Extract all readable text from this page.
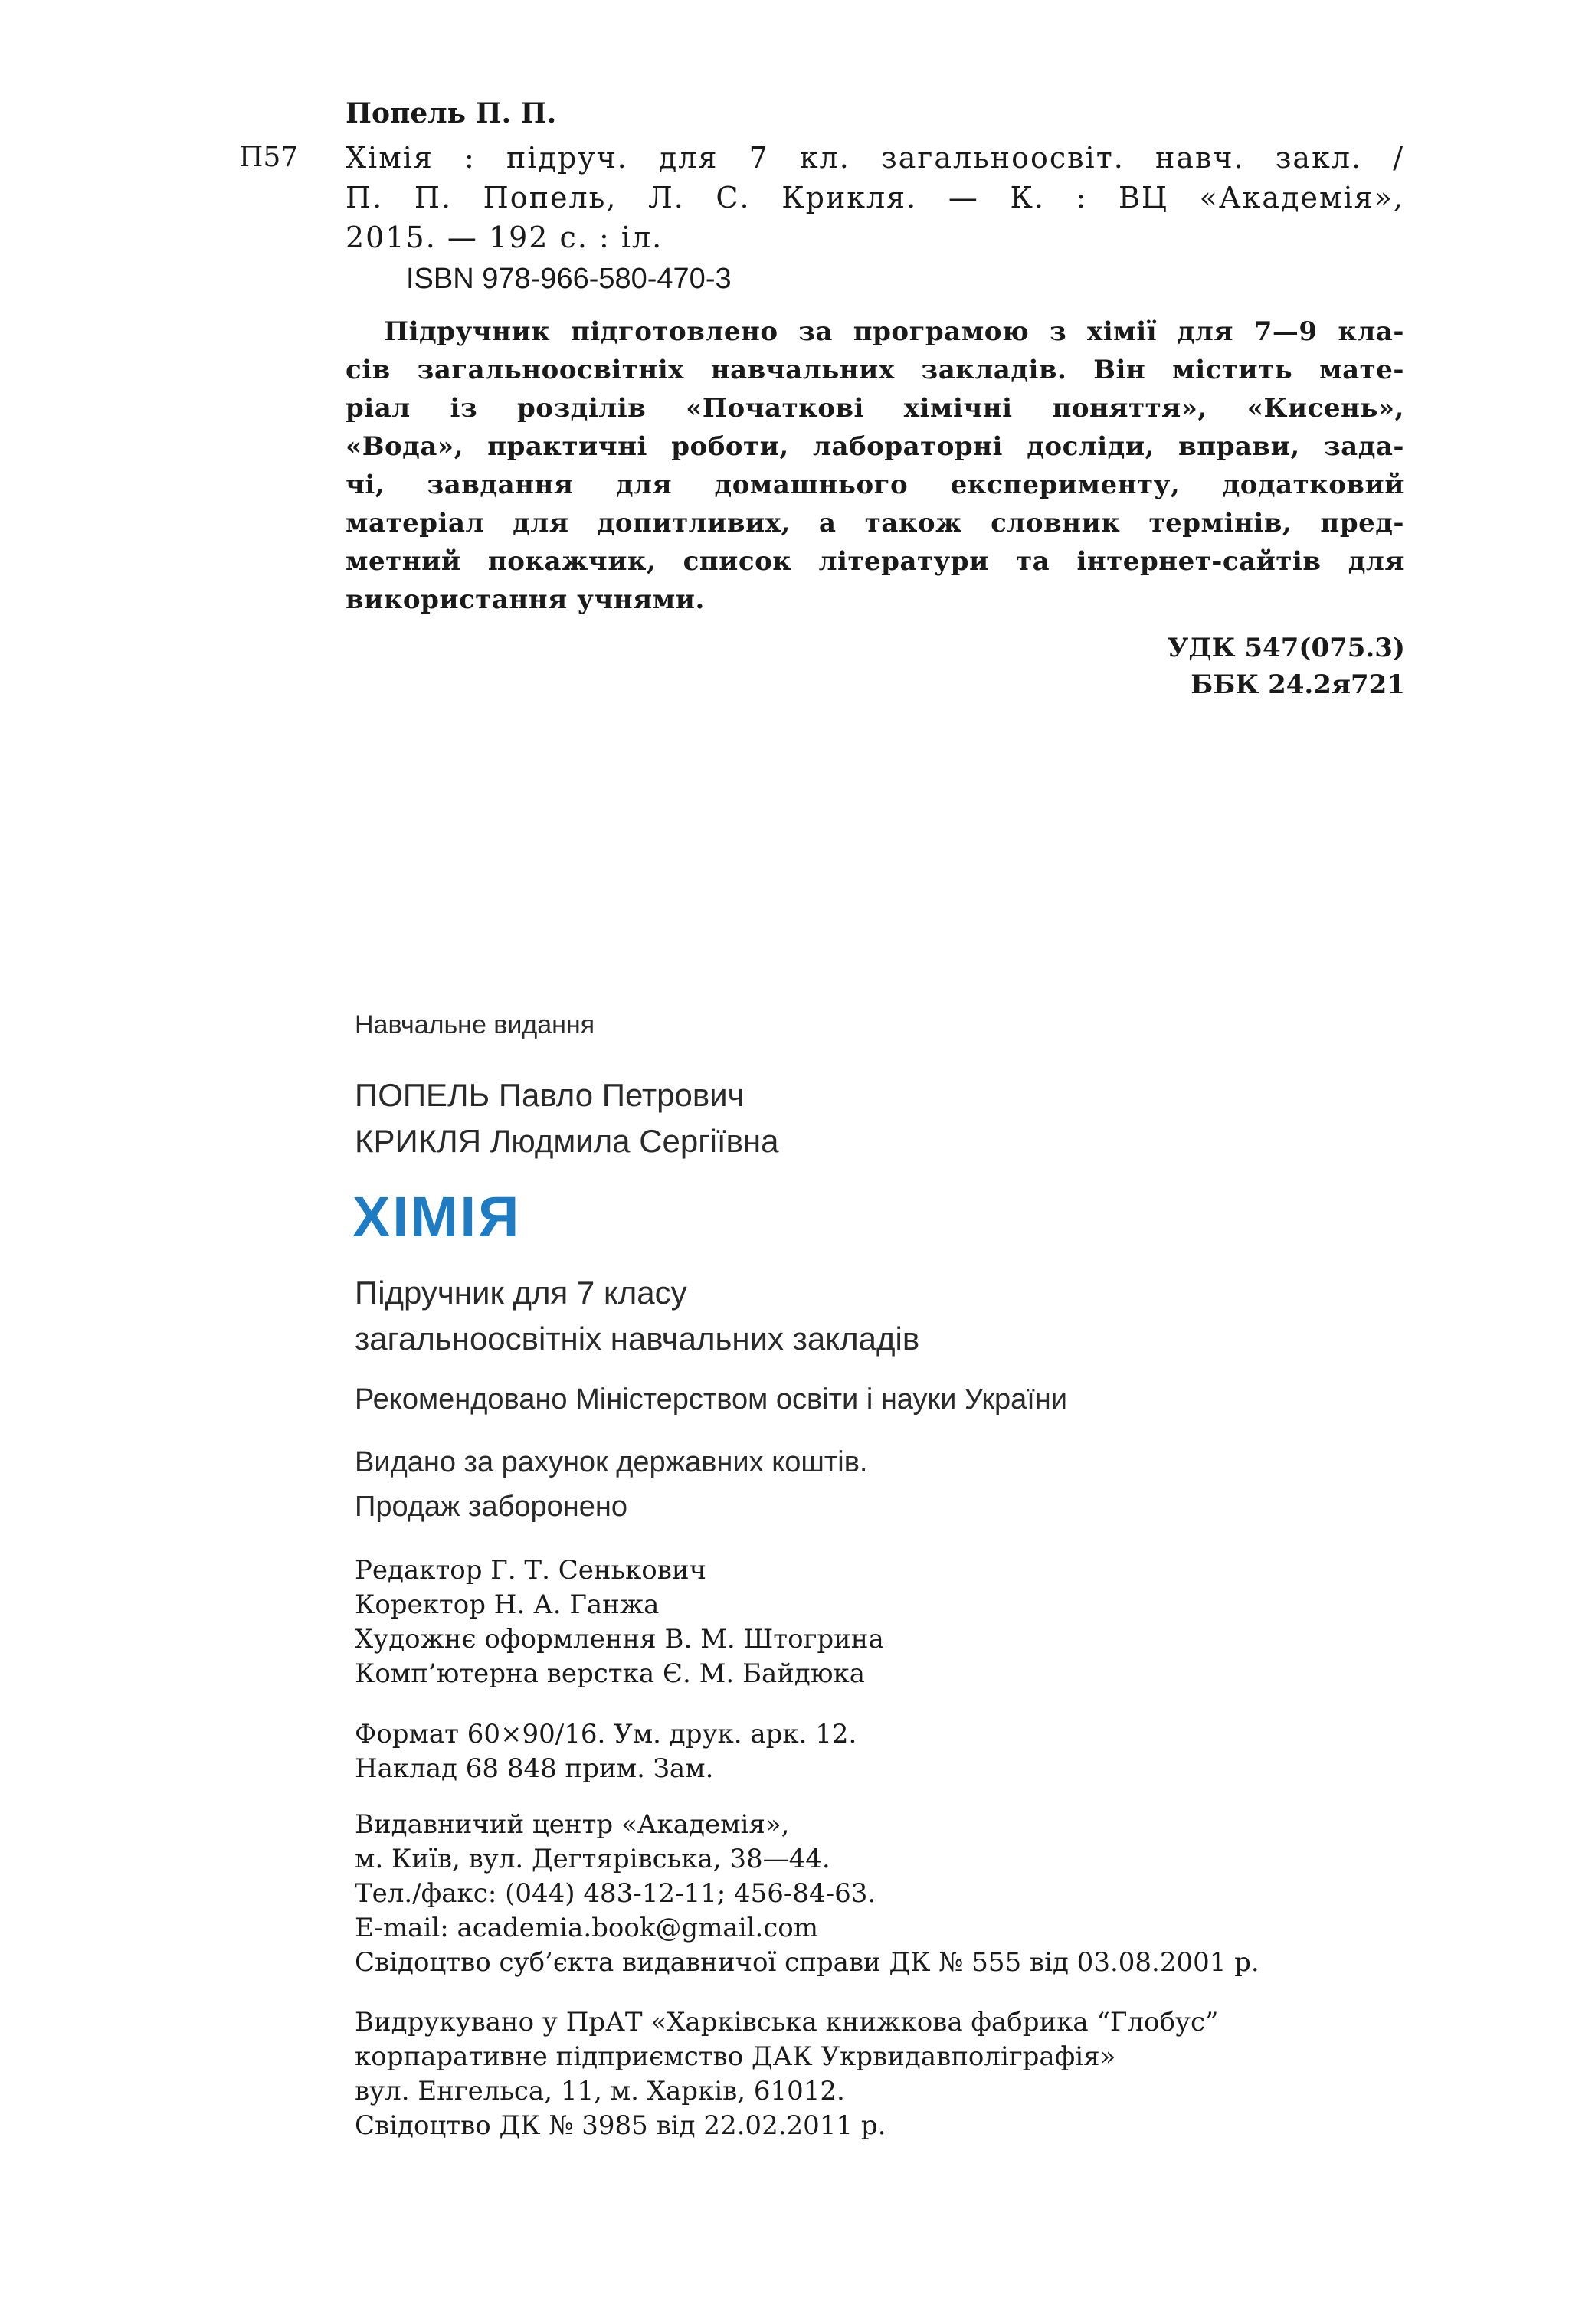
Попель П. П.
П57 Хімія : підруч. для 7 кл. загальноосвіт. навч. закл. /
П. П. Попель, Л. С. Крикля. — К. : ВЦ «Академія»,
2015. — 192 с. : іл.
ISBN 978-966-580-470-3
Підручник підготовлено за програмою з хімії для 7—9 кла-
сів загальноосвітніх навчальних закладів. Він містить мате-
ріал із розділів «Початкові хімічні поняття», «Кисень»,
«Вода», практичні роботи, лабораторні досліди, вправи, зада-
чі, завдання для домашнього експерименту, додатковий
матеріал для допитливих, а також словник термінів, пред-
метний покажчик, список літератури та інтернет-сайтів для
використання учнями.
УДК 547(075.3)
ББК 24.2я721
Навчальне видання
ПОПЕЛЬ Павло Петрович
КРИКЛЯ Людмила Сергіївна
ХІМІЯ
Підручник для 7 класу
загальноосвітніх навчальних закладів
Рекомендовано Міністерством освіти і науки України
Видано за рахунок державних коштів.
Продаж заборонено
Редактор Г. Т. Сенькович
Коректор Н. А. Ганжа
Художнє оформлення В. М. Штогрина
Комп’ютерна верстка Є. М. Байдюка
Формат 60×90/16. Ум. друк. арк. 12.
Наклад 68 848 прим. Зам.
Видавничий центр «Академія»,
м. Київ, вул. Дегтярівська, 38—44.
Тел./факс: (044) 483-12-11; 456-84-63.
E-mail: academia.book@gmail.com
Свідоцтво суб’єкта видавничої справи ДК № 555 від 03.08.2001 р.
Видрукувано у ПрАТ «Харківська книжкова фабрика “Глобус”
корпаративне підприємство ДАК Укрвидавполіграфія»
вул. Енгельса, 11, м. Харків, 61012.
Свідоцтво ДК № 3985 від 22.02.2011 р.
